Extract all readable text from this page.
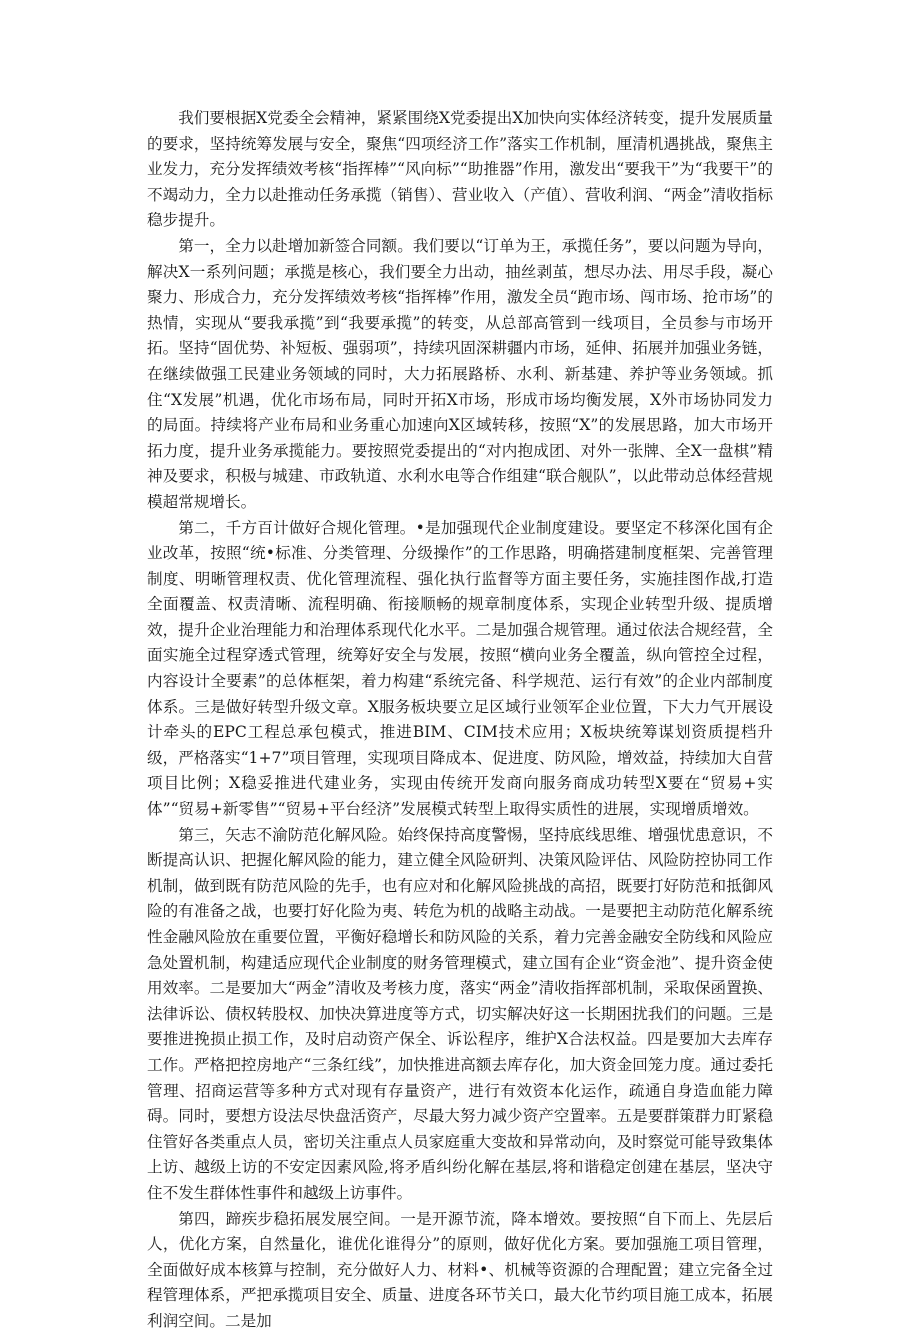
我们要根据X党委全会精神，紧紧围绕X党委提出X加快向实体经济转变，提升发展质量的要求，坚持统筹发展与安全，聚焦“四项经济工作”落实工作机制，厘清机遇挑战，聚焦主业发力，充分发挥绩效考核“指挥棒”“风向标”“助推器”作用，激发出“要我干”为“我要干”的不竭动力，全力以赴推动任务承揽（销售）、营业收入（产值）、营收利润、“两金”清收指标稳步提升。

第一，全力以赴增加新签合同额。我们要以“订单为王，承揽任务”，要以问题为导向，解决X一系列问题；承揽是核心，我们要全力出动，抽丝剥茧，想尽办法、用尽手段，凝心聚力、形成合力，充分发挥绩效考核“指挥棒”作用，激发全员“跑市场、闯市场、抢市场”的热情，实现从“要我承揽”到“我要承揽”的转变，从总部高管到一线项目，全员参与市场开拓。坚持“固优势、补短板、强弱项”，持续巩固深耕疆内市场，延伸、拓展并加强业务链，在继续做强工民建业务领域的同时，大力拓展路桥、水利、新基建、养护等业务领域。抓住“X发展”机遇，优化市场布局，同时开拓X市场，形成市场均衡发展，X外市场协同发力的局面。持续将产业布局和业务重心加速向X区域转移，按照“X”的发展思路，加大市场开拓力度，提升业务承揽能力。要按照党委提出的“对内抱成团、对外一张牌、全X一盘棋”精神及要求，积极与城建、市政轨道、水利水电等合作组建“联合舰队”，以此带动总体经营规模超常规增长。

第二，千方百计做好合规化管理。•是加强现代企业制度建设。要坚定不移深化国有企业改革，按照“统•标准、分类管理、分级操作”的工作思路，明确搭建制度框架、完善管理制度、明晰管理权责、优化管理流程、强化执行监督等方面主要任务，实施挂图作战,打造全面覆盖、权责清晰、流程明确、衔接顺畅的规章制度体系，实现企业转型升级、提质增效，提升企业治理能力和治理体系现代化水平。二是加强合规管理。通过依法合规经营，全面实施全过程穿透式管理，统筹好安全与发展，按照“横向业务全覆盖，纵向管控全过程，内容设计全要素”的总体框架，着力构建“系统完备、科学规范、运行有效”的企业内部制度体系。三是做好转型升级文章。X服务板块要立足区域行业领军企业位置，下大力气开展设计牵头的EPC工程总承包模式，推进BIM、CIM技术应用；X板块统筹谋划资质提档升级，严格落实“1+7”项目管理，实现项目降成本、促进度、防风险，增效益，持续加大自营项目比例；X稳妥推进代建业务，实现由传统开发商向服务商成功转型X要在“贸易+实体”“贸易+新零售”“贸易+平台经济”发展模式转型上取得实质性的进展，实现增质增效。

第三，矢志不渝防范化解风险。始终保持高度警惕，坚持底线思维、增强忧患意识，不断提高认识、把握化解风险的能力，建立健全风险研判、决策风险评估、风险防控协同工作机制，做到既有防范风险的先手，也有应对和化解风险挑战的高招，既要打好防范和抵御风险的有准备之战，也要打好化险为夷、转危为机的战略主动战。一是要把主动防范化解系统性金融风险放在重要位置，平衡好稳增长和防风险的关系，着力完善金融安全防线和风险应急处置机制，构建适应现代企业制度的财务管理模式，建立国有企业“资金池”、提升资金使用效率。二是要加大“两金”清收及考核力度，落实“两金”清收指挥部机制，采取保函置换、法律诉讼、债权转股权、加快决算进度等方式，切实解决好这一长期困扰我们的问题。三是要推进挽损止损工作，及时启动资产保全、诉讼程序，维护X合法权益。四是要加大去库存工作。严格把控房地产“三条红线”，加快推进高额去库存化，加大资金回笼力度。通过委托管理、招商运营等多种方式对现有存量资产，进行有效资本化运作，疏通自身造血能力障碍。同时，要想方设法尽快盘活资产，尽最大努力减少资产空置率。五是要群策群力盯紧稳住管好各类重点人员，密切关注重点人员家庭重大变故和异常动向，及时察觉可能导致集体上访、越级上访的不安定因素风险,将矛盾纠纷化解在基层,将和谐稳定创建在基层，坚决守住不发生群体性事件和越级上访事件。

第四，蹄疾步稳拓展发展空间。一是开源节流，降本增效。要按照“自下而上、先层后人，优化方案，自然量化，谁优化谁得分”的原则，做好优化方案。要加强施工项目管理，全面做好成本核算与控制，充分做好人力、材料•、机械等资源的合理配置；建立完备全过程管理体系，严把承揽项目安全、质量、进度各环节关口，最大化节约项目施工成本，拓展利润空间。二是加
